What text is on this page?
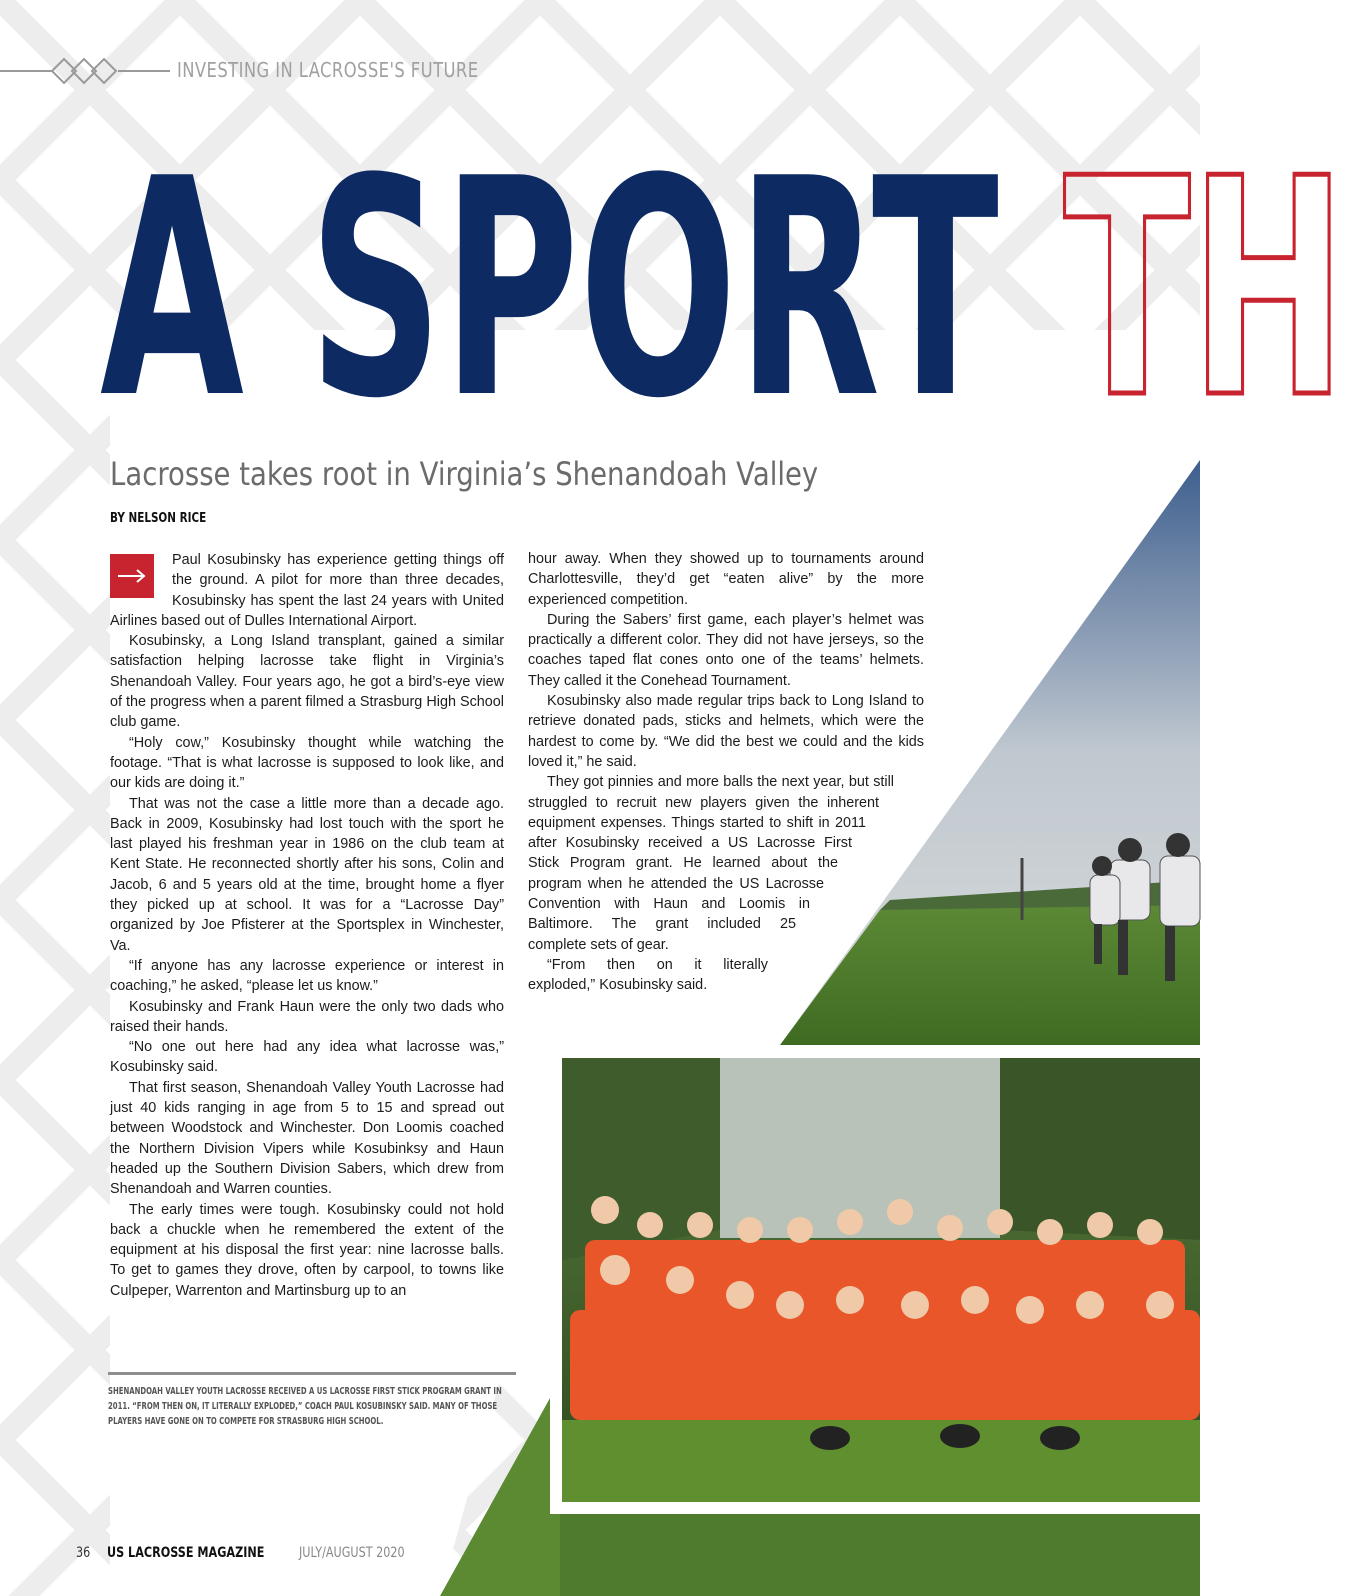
INVESTING IN LACROSSE'S FUTURE
A SPORT TH
Lacrosse takes root in Virginia’s Shenandoah Valley
BY NELSON RICE

Paul Kosubinsky has experience getting things off the ground. A pilot for more than three decades, Kosubinsky has spent the last 24 years with United Airlines based out of Dulles International Airport.

Kosubinsky, a Long Island transplant, gained a similar satisfaction helping lacrosse take flight in Virginia’s Shenandoah Valley. Four years ago, he got a bird’s-eye view of the progress when a parent filmed a Strasburg High School club game.

“Holy cow,” Kosubinsky thought while watching the footage. “That is what lacrosse is supposed to look like, and our kids are doing it.”

That was not the case a little more than a decade ago. Back in 2009, Kosubinsky had lost touch with the sport he last played his freshman year in 1986 on the club team at Kent State. He reconnected shortly after his sons, Colin and Jacob, 6 and 5 years old at the time, brought home a flyer they picked up at school. It was for a “Lacrosse Day” organized by Joe Pfisterer at the Sportsplex in Winchester, Va.

“If anyone has any lacrosse experience or interest in coaching,” he asked, “please let us know.”

Kosubinsky and Frank Haun were the only two dads who raised their hands.

“No one out here had any idea what lacrosse was,” Kosubinsky said.

That first season, Shenandoah Valley Youth Lacrosse had just 40 kids ranging in age from 5 to 15 and spread out between Woodstock and Winchester. Don Loomis coached the Northern Division Vipers while Kosubinksy and Haun headed up the Southern Division Sabers, which drew from Shenandoah and Warren counties.

The early times were tough. Kosubinsky could not hold back a chuckle when he remembered the extent of the equipment at his disposal the first year: nine lacrosse balls. To get to games they drove, often by carpool, to towns like Culpeper, Warrenton and Martinsburg up to an

hour away. When they showed up to tournaments around Charlottesville, they’d get “eaten alive” by the more experienced competition.

During the Sabers’ first game, each player’s helmet was practically a different color. They did not have jerseys, so the coaches taped flat cones onto one of the teams’ helmets. They called it the Conehead Tournament.

Kosubinsky also made regular trips back to Long Island to retrieve donated pads, sticks and helmets, which were the hardest to come by. “We did the best we could and the kids loved it,” he said.

They got pinnies and more balls the next year, but still struggled to recruit new players given the inherent equipment expenses. Things started to shift in 2011 after Kosubinsky received a US Lacrosse First Stick Program grant. He learned about the program when he attended the US Lacrosse Convention with Haun and Loomis in Baltimore. The grant included 25 complete sets of gear.

“From then on it literally exploded,” Kosubinsky said.

SHENANDOAH VALLEY YOUTH LACROSSE RECEIVED A US LACROSSE FIRST STICK PROGRAM GRANT IN 2011. “FROM THEN ON, IT LITERALLY EXPLODED,” COACH PAUL KOSUBINSKY SAID. MANY OF THOSE PLAYERS HAVE GONE ON TO COMPETE FOR STRASBURG HIGH SCHOOL.
36 US LACROSSE MAGAZINE JULY/AUGUST 2020
